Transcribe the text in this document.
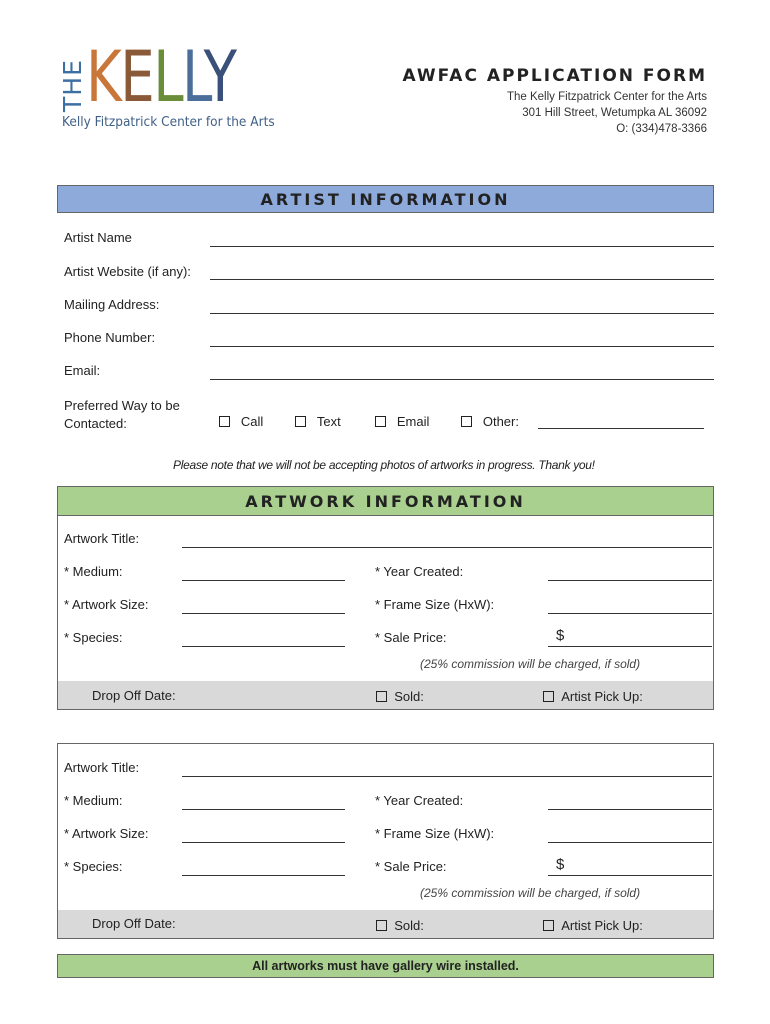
THE KELLY
Kelly Fitzpatrick Center for the Arts
AWFAC APPLICATION FORM
The Kelly Fitzpatrick Center for the Arts
301 Hill Street, Wetumpka AL 36092
O: (334)478-3366
ARTIST INFORMATION
Artist Name
Artist Website (if any):
Mailing Address:
Phone Number:
Email:
Preferred Way to be
Contacted:	Call	Text	Email	Other:
Please note that we will not be accepting photos of artworks in progress. Thank you!
ARTWORK INFORMATION
Artwork Title:
* Medium:	* Year Created:
* Artwork Size:	* Frame Size (HxW):
* Species:	* Sale Price:	$
(25% commission will be charged, if sold)
Drop Off Date:	Sold:	Artist Pick Up:
Artwork Title:
* Medium:	* Year Created:
* Artwork Size:	* Frame Size (HxW):
* Species:	* Sale Price:	$
(25% commission will be charged, if sold)
Drop Off Date:	Sold:	Artist Pick Up:
All artworks must have gallery wire installed.
